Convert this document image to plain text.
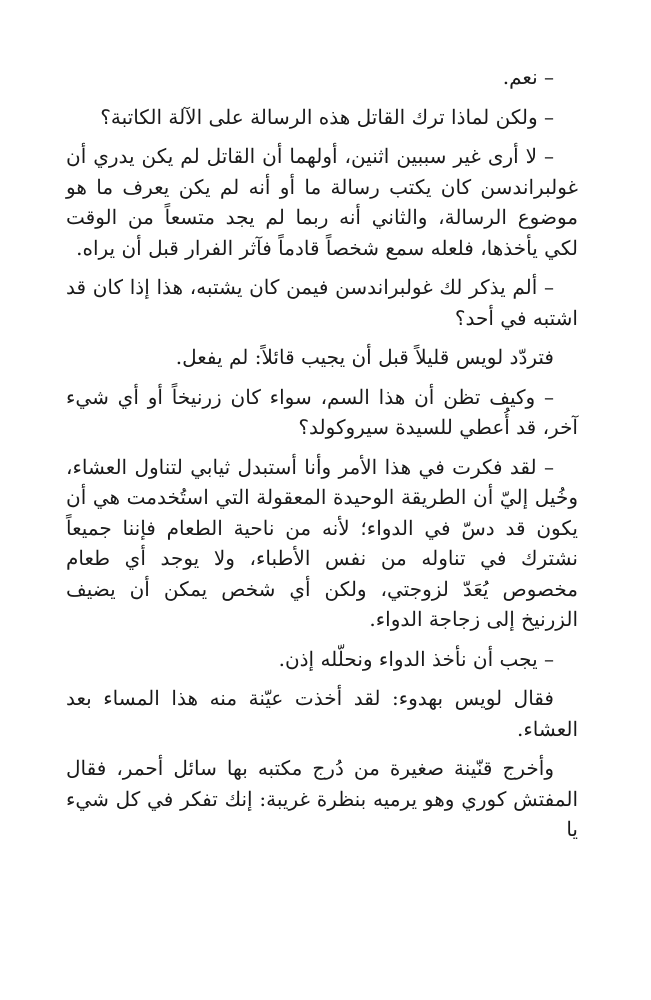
– نعم.

– ولكن لماذا ترك القاتل هذه الرسالة على الآلة الكاتبة؟

– لا أرى غير سببين اثنين، أولهما أن القاتل لم يكن يدري أن غولبراندسن كان يكتب رسالة ما أو أنه لم يكن يعرف ما هو موضوع الرسالة، والثاني أنه ربما لم يجد متسعاً من الوقت لكي يأخذها، فلعله سمع شخصاً قادماً فآثر الفرار قبل أن يراه.

– ألم يذكر لك غولبراندسن فيمن كان يشتبه، هذا إذا كان قد اشتبه في أحد؟

فتردّد لويس قليلاً قبل أن يجيب قائلاً: لم يفعل.

– وكيف تظن أن هذا السم، سواء كان زرنيخاً أو أي شيء آخر، قد أُعطي للسيدة سيروكولد؟

– لقد فكرت في هذا الأمر وأنا أستبدل ثيابي لتناول العشاء، وخُيل إليّ أن الطريقة الوحيدة المعقولة التي استُخدمت هي أن يكون قد دسّ في الدواء؛ لأنه من ناحية الطعام فإننا جميعاً نشترك في تناوله من نفس الأطباء، ولا يوجد أي طعام مخصوص يُعَدّ لزوجتي، ولكن أي شخص يمكن أن يضيف الزرنيخ إلى زجاجة الدواء.

– يجب أن نأخذ الدواء ونحلّله إذن.

فقال لويس بهدوء: لقد أخذت عيّنة منه هذا المساء بعد العشاء.

وأخرج قنّينة صغيرة من دُرج مكتبه بها سائل أحمر، فقال المفتش كوري وهو يرميه بنظرة غريبة: إنك تفكر في كل شيء يا
